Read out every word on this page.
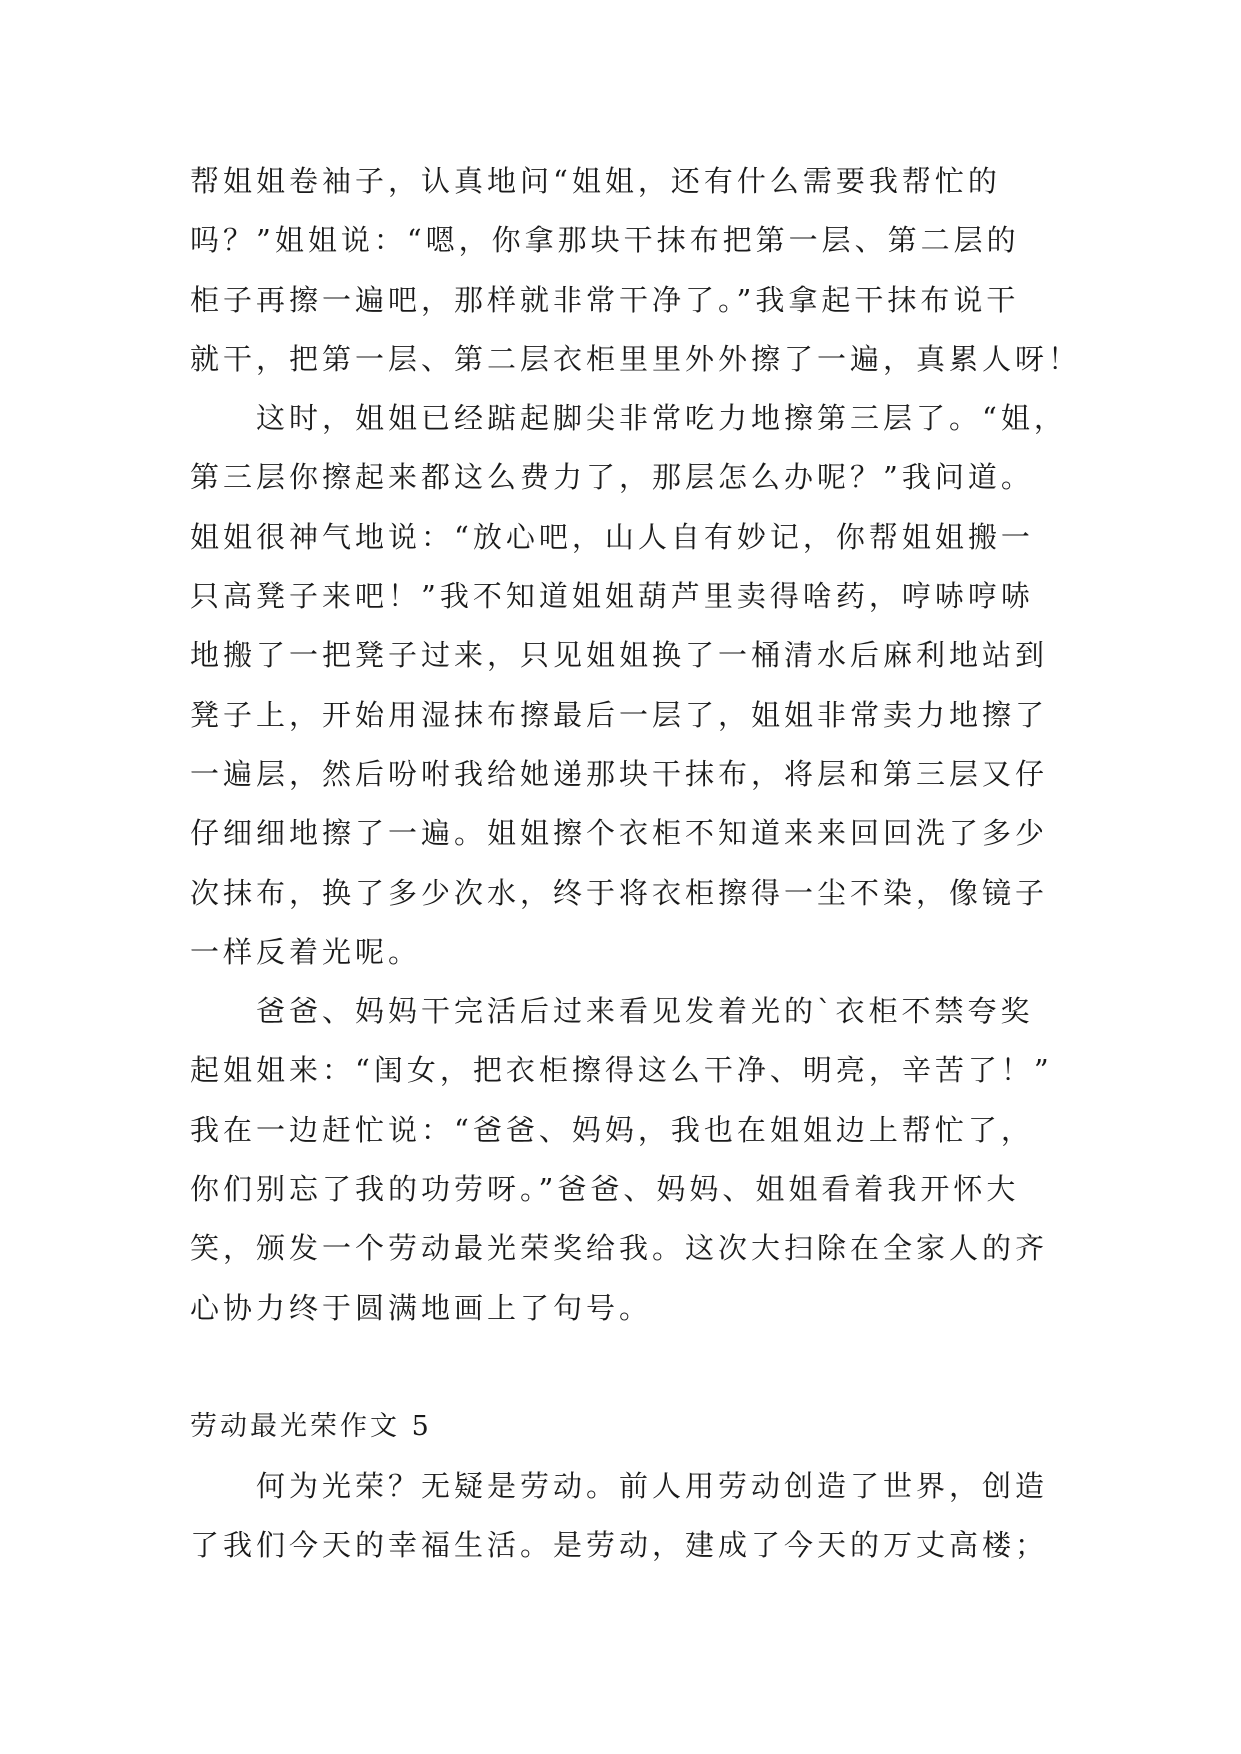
帮姐姐卷袖子，认真地问“姐姐，还有什么需要我帮忙的
吗？”姐姐说：“嗯，你拿那块干抹布把第一层、第二层的
柜子再擦一遍吧，那样就非常干净了。”我拿起干抹布说干
就干，把第一层、第二层衣柜里里外外擦了一遍，真累人呀！
这时，姐姐已经踮起脚尖非常吃力地擦第三层了。“姐，
第三层你擦起来都这么费力了，那层怎么办呢？”我问道。
姐姐很神气地说：“放心吧，山人自有妙记，你帮姐姐搬一
只高凳子来吧！”我不知道姐姐葫芦里卖得啥药，哼哧哼哧
地搬了一把凳子过来，只见姐姐换了一桶清水后麻利地站到
凳子上，开始用湿抹布擦最后一层了，姐姐非常卖力地擦了
一遍层，然后吩咐我给她递那块干抹布，将层和第三层又仔
仔细细地擦了一遍。姐姐擦个衣柜不知道来来回回洗了多少
次抹布，换了多少次水，终于将衣柜擦得一尘不染，像镜子
一样反着光呢。
爸爸、妈妈干完活后过来看见发着光的`衣柜不禁夸奖
起姐姐来：“闺女，把衣柜擦得这么干净、明亮，辛苦了！”
我在一边赶忙说：“爸爸、妈妈，我也在姐姐边上帮忙了，
你们别忘了我的功劳呀。”爸爸、妈妈、姐姐看着我开怀大
笑，颁发一个劳动最光荣奖给我。这次大扫除在全家人的齐
心协力终于圆满地画上了句号。
劳动最光荣作文 5
何为光荣？无疑是劳动。前人用劳动创造了世界，创造
了我们今天的幸福生活。是劳动，建成了今天的万丈高楼；
